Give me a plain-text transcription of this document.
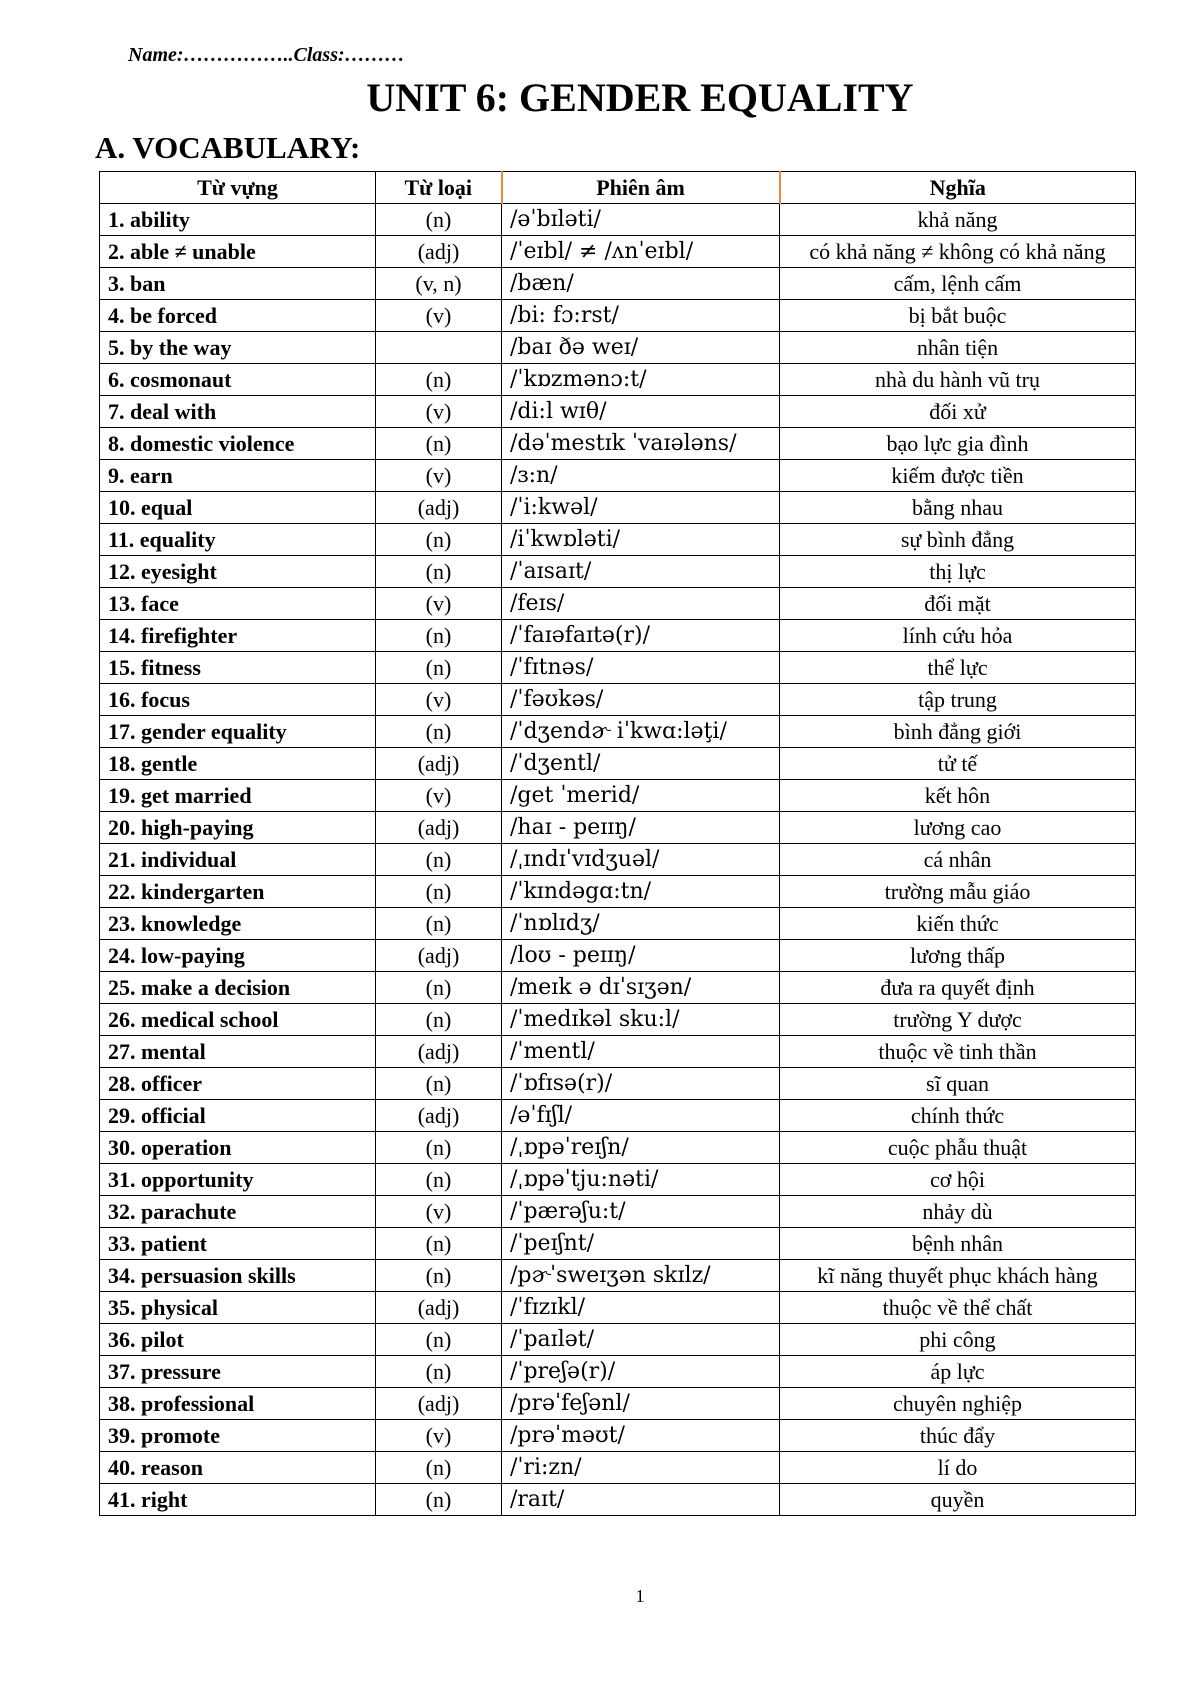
Name:……………..Class:………
UNIT 6: GENDER EQUALITY
A. VOCABULARY:
Từ vựng	Từ loại	Phiên âm	Nghĩa
1. ability	(n)	/əˈbɪləti/	khả năng
2. able ≠ unable	(adj)	/ˈeɪbl/ ≠ /ʌnˈeɪbl/	có khả năng ≠ không có khả năng
3. ban	(v, n)	/bæn/	cấm, lệnh cấm
4. be forced	(v)	/bi: fɔ:rst/	bị bắt buộc
5. by the way		/baɪ ðə weɪ/	nhân tiện
6. cosmonaut	(n)	/ˈkɒzmənɔ:t/	nhà du hành vũ trụ
7. deal with	(v)	/di:l wɪθ/	đối xử
8. domestic violence	(n)	/dəˈmestɪk ˈvaɪələns/	bạo lực gia đình
9. earn	(v)	/ɜ:n/	kiếm được tiền
10. equal	(adj)	/ˈi:kwəl/	bằng nhau
11. equality	(n)	/iˈkwɒləti/	sự bình đẳng
12. eyesight	(n)	/ˈaɪsaɪt/	thị lực
13. face	(v)	/feɪs/	đối mặt
14. firefighter	(n)	/ˈfaɪəfaɪtə(r)/	lính cứu hỏa
15. fitness	(n)	/ˈfɪtnəs/	thể lực
16. focus	(v)	/ˈfəʊkəs/	tập trung
17. gender equality	(n)	/ˈdʒendɚ iˈkwɑ:ləţi/	bình đẳng giới
18. gentle	(adj)	/ˈdʒentl/	tử tế
19. get married	(v)	/get ˈmerid/	kết hôn
20. high-paying	(adj)	/haɪ - peɪɪŋ/	lương cao
21. individual	(n)	/ˌɪndɪˈvɪdʒuəl/	cá nhân
22. kindergarten	(n)	/ˈkɪndəgɑ:tn/	trường mẫu giáo
23. knowledge	(n)	/ˈnɒlɪdʒ/	kiến thức
24. low-paying	(adj)	/loʊ - peɪɪŋ/	lương thấp
25. make a decision	(n)	/meɪk ə dɪˈsɪʒən/	đưa ra quyết định
26. medical school	(n)	/ˈmedɪkəl sku:l/	trường Y dược
27. mental	(adj)	/ˈmentl/	thuộc về tinh thần
28. officer	(n)	/ˈɒfɪsə(r)/	sĩ quan
29. official	(adj)	/əˈfɪʃl/	chính thức
30. operation	(n)	/ˌɒpəˈreɪʃn/	cuộc phẫu thuật
31. opportunity	(n)	/ˌɒpəˈtju:nəti/	cơ hội
32. parachute	(v)	/ˈpærəʃu:t/	nhảy dù
33. patient	(n)	/ˈpeɪʃnt/	bệnh nhân
34. persuasion skills	(n)	/pɚˈsweɪʒən skɪlz/	kĩ năng thuyết phục khách hàng
35. physical	(adj)	/ˈfɪzɪkl/	thuộc về thể chất
36. pilot	(n)	/ˈpaɪlət/	phi công
37. pressure	(n)	/ˈpreʃə(r)/	áp lực
38. professional	(adj)	/prəˈfeʃənl/	chuyên nghiệp
39. promote	(v)	/prəˈməʊt/	thúc đẩy
40. reason	(n)	/ˈri:zn/	lí do
41. right	(n)	/raɪt/	quyền
1
